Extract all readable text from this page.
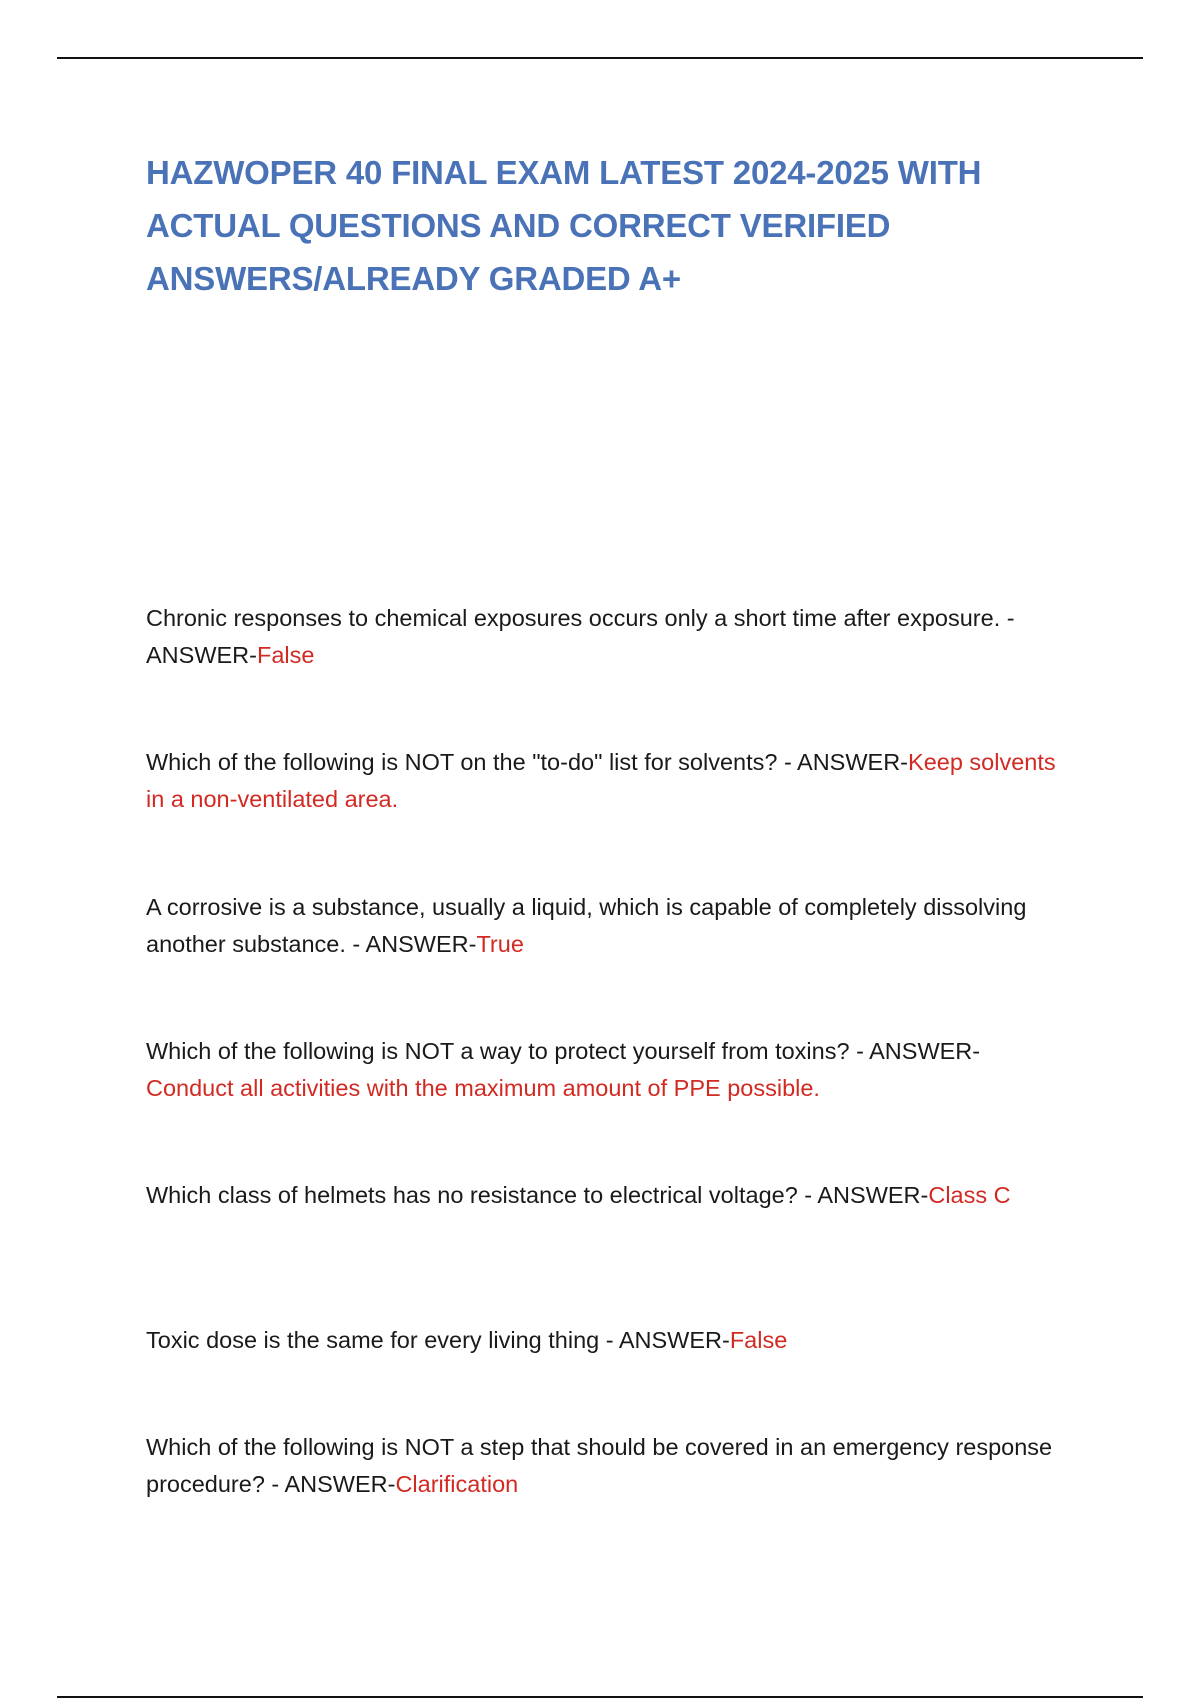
HAZWOPER 40 FINAL EXAM LATEST 2024-2025 WITH ACTUAL QUESTIONS AND CORRECT VERIFIED ANSWERS/ALREADY GRADED A+

Chronic responses to chemical exposures occurs only a short time after exposure. - ANSWER-False

Which of the following is NOT on the "to-do" list for solvents? - ANSWER-Keep solvents in a non-ventilated area.

A corrosive is a substance, usually a liquid, which is capable of completely dissolving another substance. - ANSWER-True

Which of the following is NOT a way to protect yourself from toxins? - ANSWER-Conduct all activities with the maximum amount of PPE possible.

Which class of helmets has no resistance to electrical voltage? - ANSWER-Class C

Toxic dose is the same for every living thing - ANSWER-False

Which of the following is NOT a step that should be covered in an emergency response procedure? - ANSWER-Clarification
